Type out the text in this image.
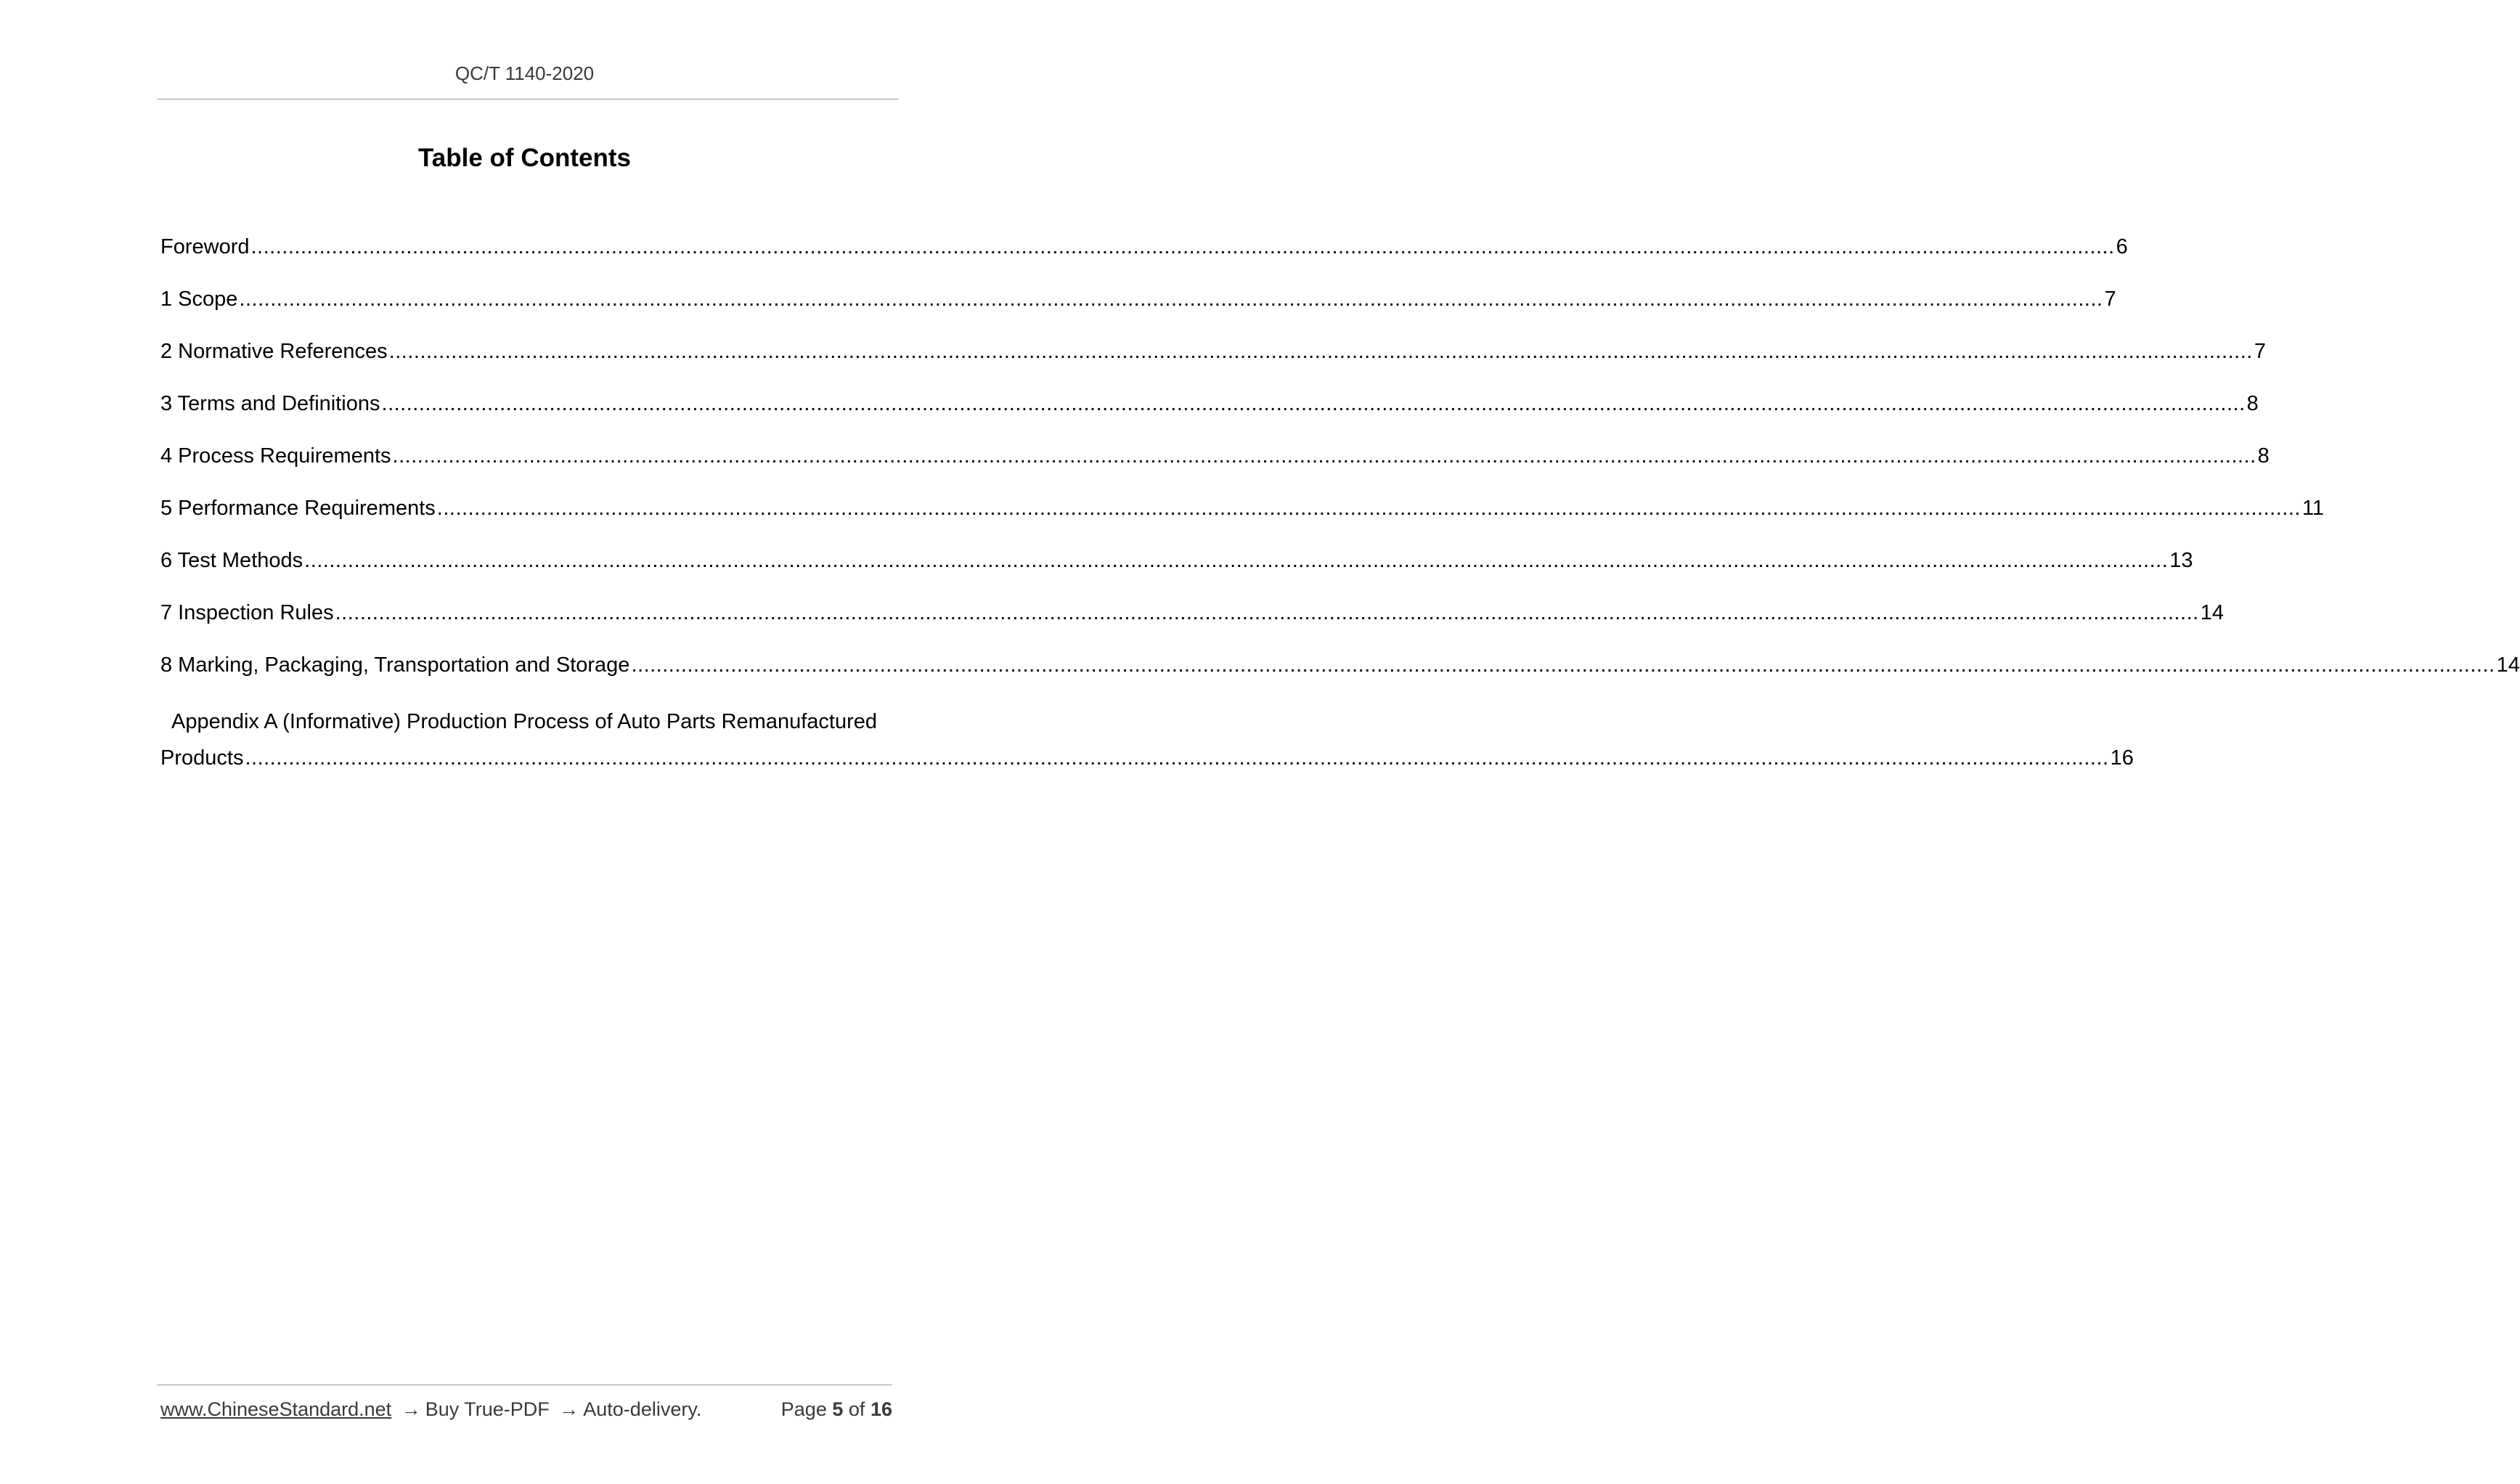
QC/T 1140-2020
Table of Contents
Foreword ............................................................................................................................................................................................................................................................................................................ 6
1 Scope ............................................................................................................................................................................................................................................................................................................ 7
2 Normative References ............................................................................................................................................................................................................................................................................................................ 7
3 Terms and Definitions ............................................................................................................................................................................................................................................................................................................ 8
4 Process Requirements ............................................................................................................................................................................................................................................................................................................ 8
5 Performance Requirements ............................................................................................................................................................................................................................................................................................................ 11
6 Test Methods ............................................................................................................................................................................................................................................................................................................ 13
7 Inspection Rules ............................................................................................................................................................................................................................................................................................................ 14
8 Marking, Packaging, Transportation and Storage ............................................................................................................................................................................................................................................................................................................ 14
Appendix A (Informative) Production Process of Auto Parts Remanufactured
Products ............................................................................................................................................................................................................................................................................................................ 16
www.ChineseStandard.net → Buy True-PDF → Auto-delivery.	Page 5 of 16
